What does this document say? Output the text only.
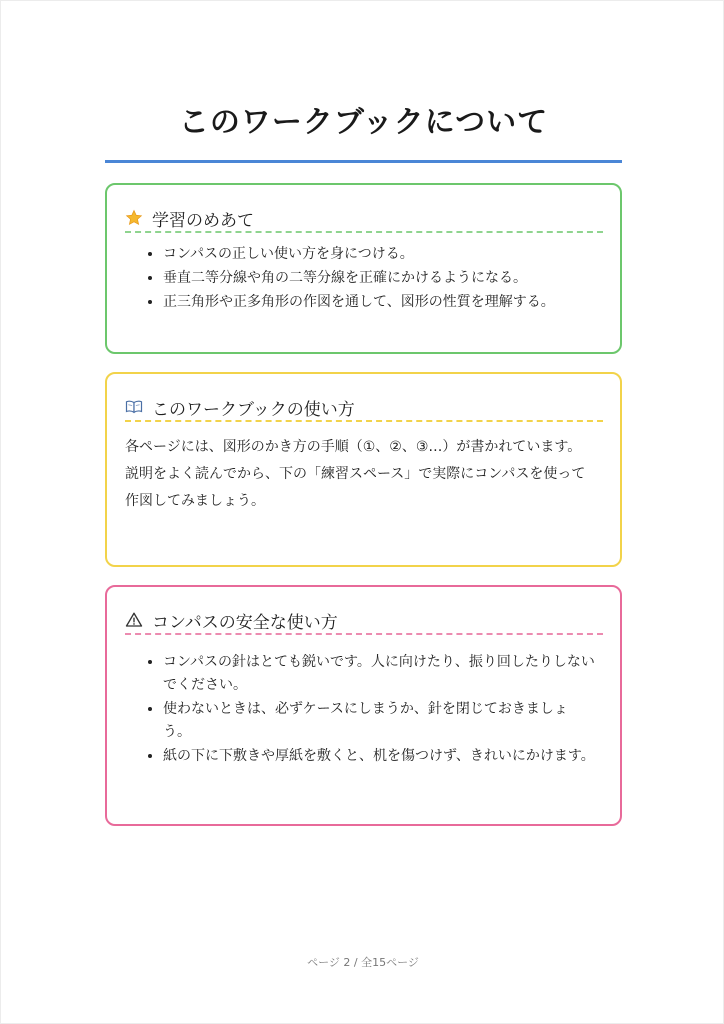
このワークブックについて
学習のめあて
• コンパスの正しい使い方を身につける。
• 垂直二等分線や角の二等分線を正確にかけるようになる。
• 正三角形や正多角形の作図を通して、図形の性質を理解する。
このワークブックの使い方

各ページには、図形のかき方の手順（①、②、③…）が書かれています。

説明をよく読んでから、下の「練習スペース」で実際にコンパスを使って作図してみましょう。

コンパスの安全な使い方
• コンパスの針はとても鋭いです。人に向けたり、振り回したりしないでください。
• 使わないときは、必ずケースにしまうか、針を閉じておきましょう。
• 紙の下に下敷きや厚紙を敷くと、机を傷つけず、きれいにかけます。
ページ 2 / 全15ページ
